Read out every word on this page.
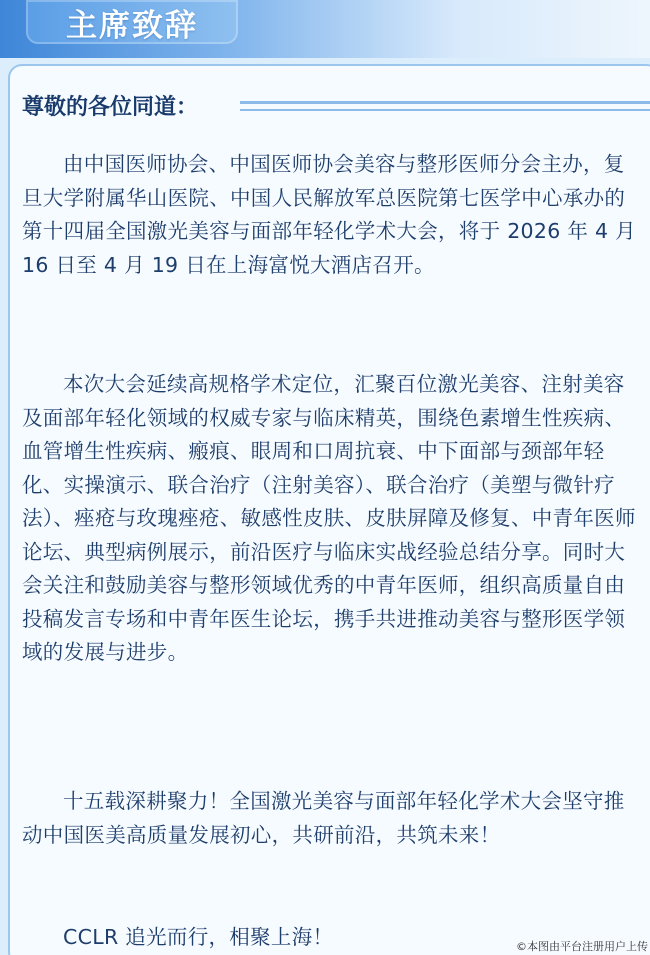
主席致辞
尊敬的各位同道：

由中国医师协会、中国医师协会美容与整形医师分会主办，复旦大学附属华山医院、中国人民解放军总医院第七医学中心承办的第十四届全国激光美容与面部年轻化学术大会，将于 2026 年 4 月 16 日至 4 月 19 日在上海富悦大酒店召开。

本次大会延续高规格学术定位，汇聚百位激光美容、注射美容及面部年轻化领域的权威专家与临床精英，围绕色素增生性疾病、血管增生性疾病、瘢痕、眼周和口周抗衰、中下面部与颈部年轻化、实操演示、联合治疗（注射美容）、联合治疗（美塑与微针疗法）、痤疮与玫瑰痤疮、敏感性皮肤、皮肤屏障及修复、中青年医师论坛、典型病例展示，前沿医疗与临床实战经验总结分享。同时大会关注和鼓励美容与整形领域优秀的中青年医师，组织高质量自由投稿发言专场和中青年医生论坛，携手共进推动美容与整形医学领域的发展与进步。

十五载深耕聚力！全国激光美容与面部年轻化学术大会坚守推动中国医美高质量发展初心，共研前沿，共筑未来！

CCLR 追光而行，相聚上海！	©本图由平台注册用户上传
